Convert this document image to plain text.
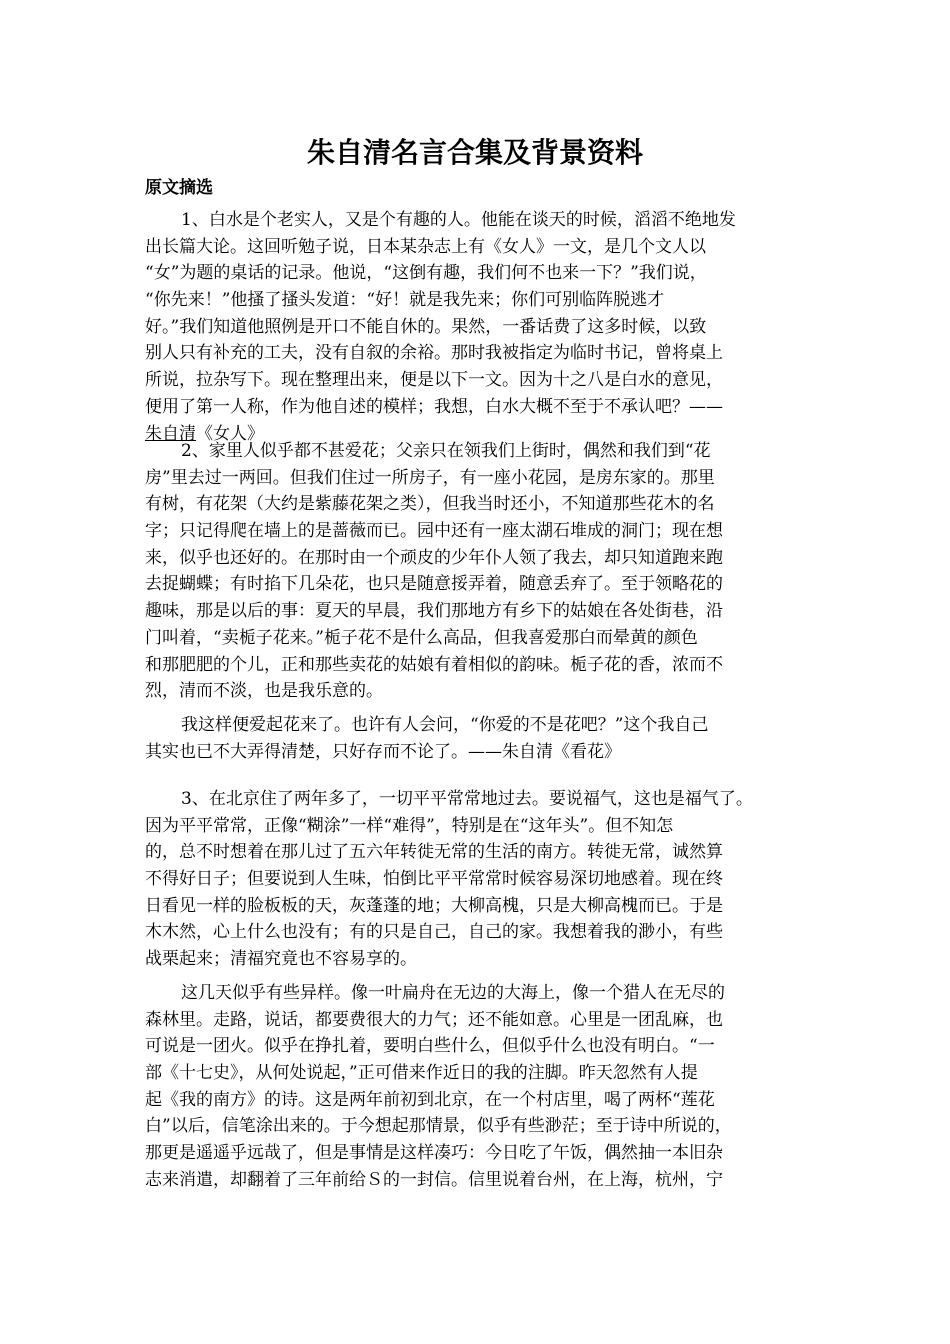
朱自清名言合集及背景资料
原文摘选
1、白水是个老实人，又是个有趣的人。他能在谈天的时候，滔滔不绝地发
出长篇大论。这回听勉子说，日本某杂志上有《女人》一文，是几个文人以
“女”为题的桌话的记录。他说，“这倒有趣，我们何不也来一下？”我们说，
“你先来！”他搔了搔头发道：“好！就是我先来；你们可别临阵脱逃才
好。”我们知道他照例是开口不能自休的。果然，一番话费了这多时候，以致
别人只有补充的工夫，没有自叙的余裕。那时我被指定为临时书记，曾将桌上
所说，拉杂写下。现在整理出来，便是以下一文。因为十之八是白水的意见，
便用了第一人称，作为他自述的模样；我想，白水大概不至于不承认吧？——
朱自清《女人》
2、家里人似乎都不甚爱花；父亲只在领我们上街时，偶然和我们到“花
房”里去过一两回。但我们住过一所房子，有一座小花园，是房东家的。那里
有树，有花架（大约是紫藤花架之类），但我当时还小，不知道那些花木的名
字；只记得爬在墙上的是蔷薇而已。园中还有一座太湖石堆成的洞门；现在想
来，似乎也还好的。在那时由一个顽皮的少年仆人领了我去，却只知道跑来跑
去捉蝴蝶；有时掐下几朵花，也只是随意挼弄着，随意丢弃了。至于领略花的
趣味，那是以后的事：夏天的早晨，我们那地方有乡下的姑娘在各处街巷，沿
门叫着，“卖栀子花来。”栀子花不是什么高品，但我喜爱那白而晕黄的颜色
和那肥肥的个儿，正和那些卖花的姑娘有着相似的韵味。栀子花的香，浓而不
烈，清而不淡，也是我乐意的。
我这样便爱起花来了。也许有人会问，“你爱的不是花吧？”这个我自己
其实也已不大弄得清楚，只好存而不论了。——朱自清《看花》
3、在北京住了两年多了，一切平平常常地过去。要说福气，这也是福气了。
因为平平常常，正像“糊涂”一样“难得”，特别是在“这年头”。但不知怎
的，总不时想着在那儿过了五六年转徙无常的生活的南方。转徙无常，诚然算
不得好日子；但要说到人生味，怕倒比平平常常时候容易深切地感着。现在终
日看见一样的脸板板的天，灰蓬蓬的地；大柳高槐，只是大柳高槐而已。于是
木木然，心上什么也没有；有的只是自己，自己的家。我想着我的渺小，有些
战栗起来；清福究竟也不容易享的。
这几天似乎有些异样。像一叶扁舟在无边的大海上，像一个猎人在无尽的
森林里。走路，说话，都要费很大的力气；还不能如意。心里是一团乱麻，也
可说是一团火。似乎在挣扎着，要明白些什么，但似乎什么也没有明白。“一
部《十七史》，从何处说起，”正可借来作近日的我的注脚。昨天忽然有人提
起《我的南方》的诗。这是两年前初到北京，在一个村店里，喝了两杯“莲花
白”以后，信笔涂出来的。于今想起那情景，似乎有些渺茫；至于诗中所说的，
那更是遥遥乎远哉了，但是事情是这样凑巧：今日吃了午饭，偶然抽一本旧杂
志来消遣，却翻着了三年前给Ｓ的一封信。信里说着台州，在上海，杭州，宁
